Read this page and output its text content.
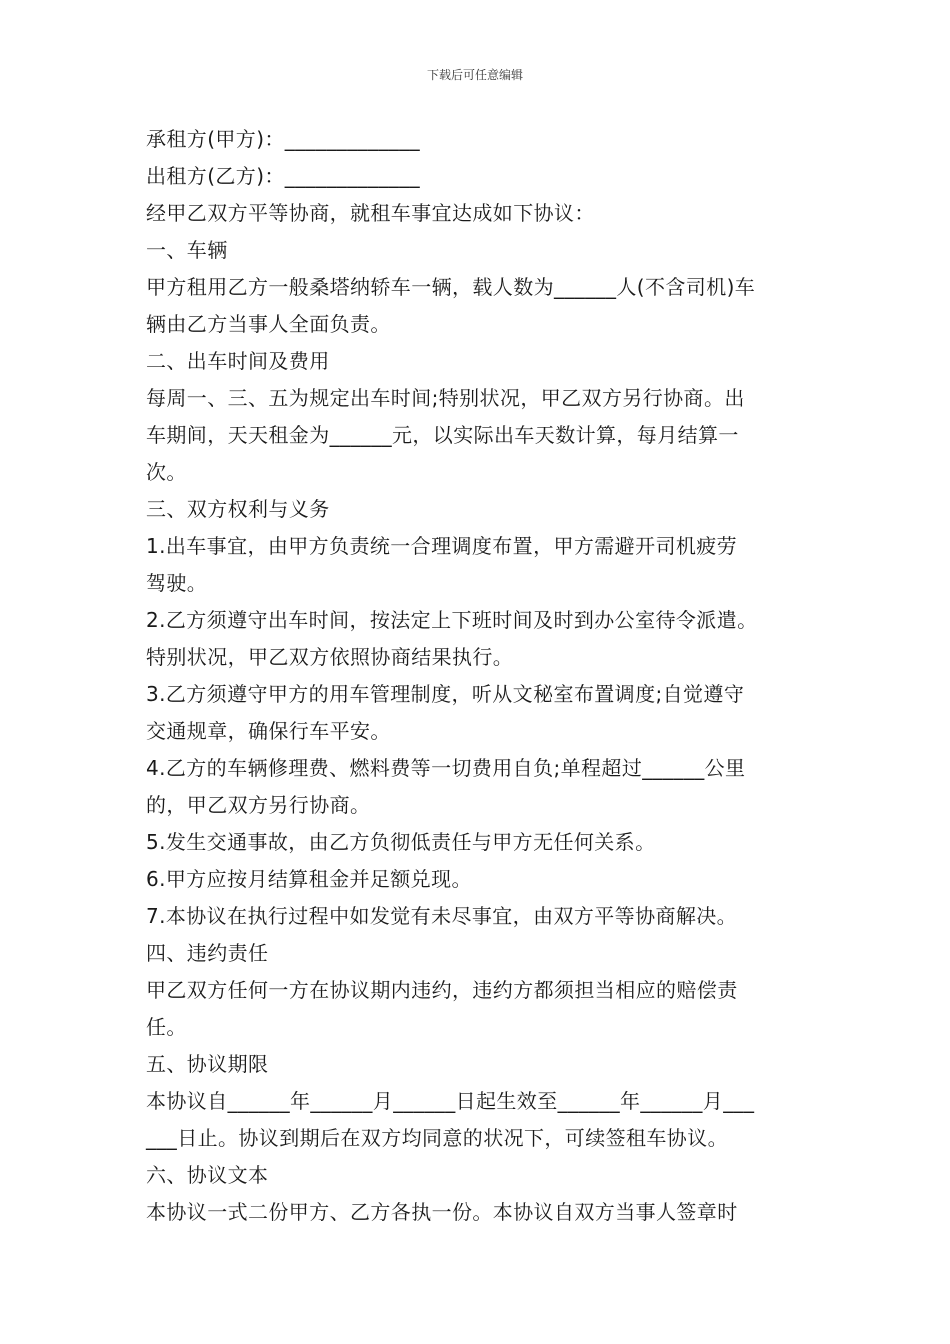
下载后可任意编辑
承租方(甲方)：_____________
出租方(乙方)：_____________
经甲乙双方平等协商，就租车事宜达成如下协议：
一、车辆
甲方租用乙方一般桑塔纳轿车一辆，载人数为______人(不含司机)车
辆由乙方当事人全面负责。
二、出车时间及费用
每周一、三、五为规定出车时间;特别状况，甲乙双方另行协商。出
车期间，天天租金为______元，以实际出车天数计算，每月结算一
次。
三、双方权利与义务
1.出车事宜，由甲方负责统一合理调度布置，甲方需避开司机疲劳
驾驶。
2.乙方须遵守出车时间，按法定上下班时间及时到办公室待令派遣。
特别状况，甲乙双方依照协商结果执行。
3.乙方须遵守甲方的用车管理制度，听从文秘室布置调度;自觉遵守
交通规章，确保行车平安。
4.乙方的车辆修理费、燃料费等一切费用自负;单程超过______公里
的，甲乙双方另行协商。
5.发生交通事故，由乙方负彻低责任与甲方无任何关系。
6.甲方应按月结算租金并足额兑现。
7.本协议在执行过程中如发觉有未尽事宜，由双方平等协商解决。
四、违约责任
甲乙双方任何一方在协议期内违约，违约方都须担当相应的赔偿责
任。
五、协议期限
本协议自______年______月______日起生效至______年______月___
___日止。协议到期后在双方均同意的状况下，可续签租车协议。
六、协议文本
本协议一式二份甲方、乙方各执一份。本协议自双方当事人签章时
